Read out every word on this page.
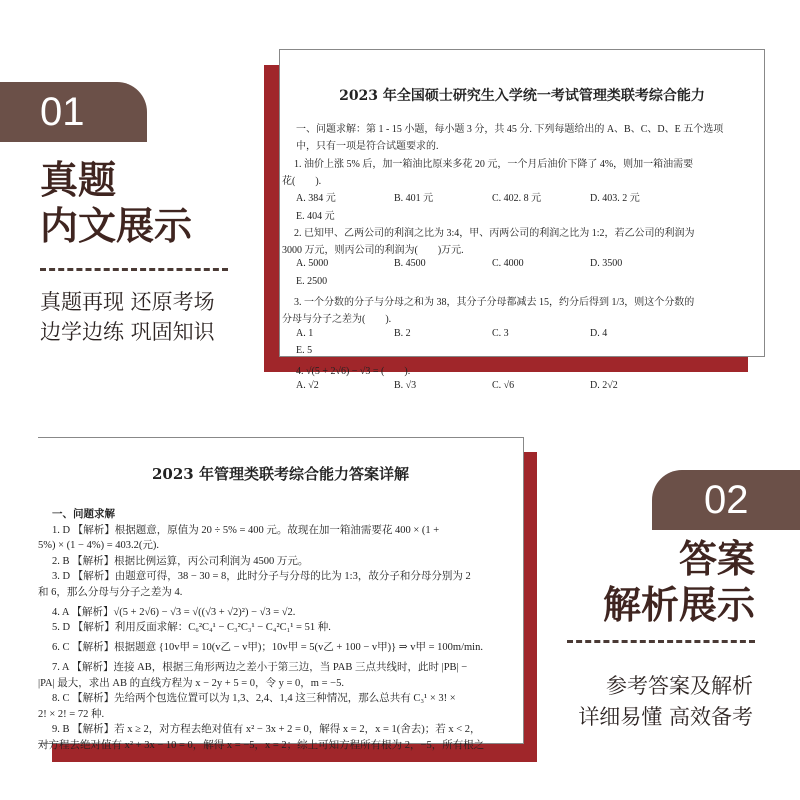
01
真题
内文展示
真题再现 还原考场
边学边练 巩固知识
2023 年全国硕士研究生入学统一考试管理类联考综合能力
一、问题求解：第 1 - 15 小题，每小题 3 分，共 45 分. 下列每题给出的 A、B、C、D、E 五个选项
中，只有一项是符合试题要求的.
1. 油价上涨 5% 后，加一箱油比原来多花 20 元，一个月后油价下降了 4%，则加一箱油需要
花(　　).
A. 384 元	B. 401 元	C. 402. 8 元	D. 403. 2 元
E. 404 元
2. 已知甲、乙两公司的利润之比为 3:4，甲、丙两公司的利润之比为 1:2，若乙公司的利润为
3000 万元，则丙公司的利润为(　　)万元.
A. 5000	B. 4500	C. 4000	D. 3500
E. 2500
3. 一个分数的分子与分母之和为 38，其分子分母都减去 15，约分后得到 1/3，则这个分数的
分母与分子之差为(　　).
A. 1	B. 2	C. 3	D. 4
E. 5
4. √(5 + 2√6) − √3 = (　　).
A. √2	B. √3	C. √6	D. 2√2
2023 年管理类联考综合能力答案详解
一、问题求解
1. D 【解析】根据题意，原值为 20 ÷ 5% = 400 元。故现在加一箱油需要花 400 × (1 +
5%) × (1 − 4%) = 403.2(元).
2. B 【解析】根据比例运算，丙公司利润为 4500 万元。
3. D 【解析】由题意可得，38 − 30 = 8，此时分子与分母的比为 1:3，故分子和分母分别为 2
和 6，那么分母与分子之差为 4.
4. A 【解析】√(5 + 2√6) − √3 = √((√3 + √2)²) − √3 = √2.
5. D 【解析】利用反面求解：C₆²C₄¹ − C₃²C₃¹ − C₄²C₁¹ = 51 种.
6. C 【解析】根据题意 {10v甲 = 10(v乙 − v甲)；10v甲 = 5(v乙 + 100 − v甲)} ⇒ v甲 = 100m/min.
7. A 【解析】连接 AB，根据三角形两边之差小于第三边，当 PAB 三点共线时，此时 |PB| −
|PA| 最大，求出 AB 的直线方程为 x − 2y + 5 = 0，令 y = 0，m = −5.
8. C 【解析】先给两个包选位置可以为 1,3、2,4、1,4 这三种情况，那么总共有 C₃¹ × 3! ×
2! × 2! = 72 种.
9. B 【解析】若 x ≥ 2，对方程去绝对值有 x² − 3x + 2 = 0，解得 x = 2，x = 1(舍去)；若 x < 2，
对方程去绝对值有 x² + 3x − 10 = 0，解得 x = −5，x = 2；综上可知方程所有根为 2，−5，所有根之
02
答案
解析展示
参考答案及解析
详细易懂 高效备考
